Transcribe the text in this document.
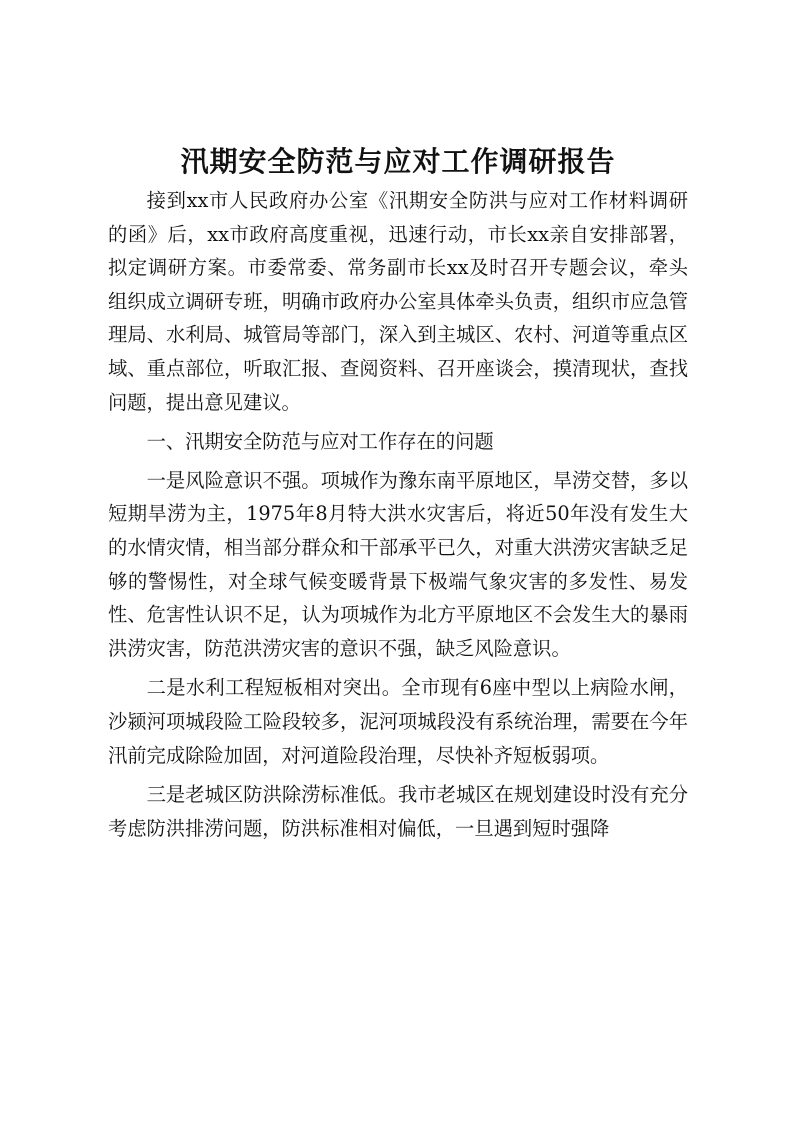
汛期安全防范与应对工作调研报告

接到xx市人民政府办公室《汛期安全防洪与应对工作材料调研的函》后，xx市政府高度重视，迅速行动，市长xx亲自安排部署，拟定调研方案。市委常委、常务副市长xx及时召开专题会议，牵头组织成立调研专班，明确市政府办公室具体牵头负责，组织市应急管理局、水利局、城管局等部门，深入到主城区、农村、河道等重点区域、重点部位，听取汇报、查阅资料、召开座谈会，摸清现状，查找问题，提出意见建议。

一、汛期安全防范与应对工作存在的问题

一是风险意识不强。项城作为豫东南平原地区，旱涝交替，多以短期旱涝为主，1975年8月特大洪水灾害后，将近50年没有发生大的水情灾情，相当部分群众和干部承平已久，对重大洪涝灾害缺乏足够的警惕性，对全球气候变暖背景下极端气象灾害的多发性、易发性、危害性认识不足，认为项城作为北方平原地区不会发生大的暴雨洪涝灾害，防范洪涝灾害的意识不强，缺乏风险意识。

二是水利工程短板相对突出。全市现有6座中型以上病险水闸，沙颍河项城段险工险段较多，泥河项城段没有系统治理，需要在今年汛前完成除险加固，对河道险段治理，尽快补齐短板弱项。

三是老城区防洪除涝标准低。我市老城区在规划建设时没有充分考虑防洪排涝问题，防洪标准相对偏低，一旦遇到短时强降
